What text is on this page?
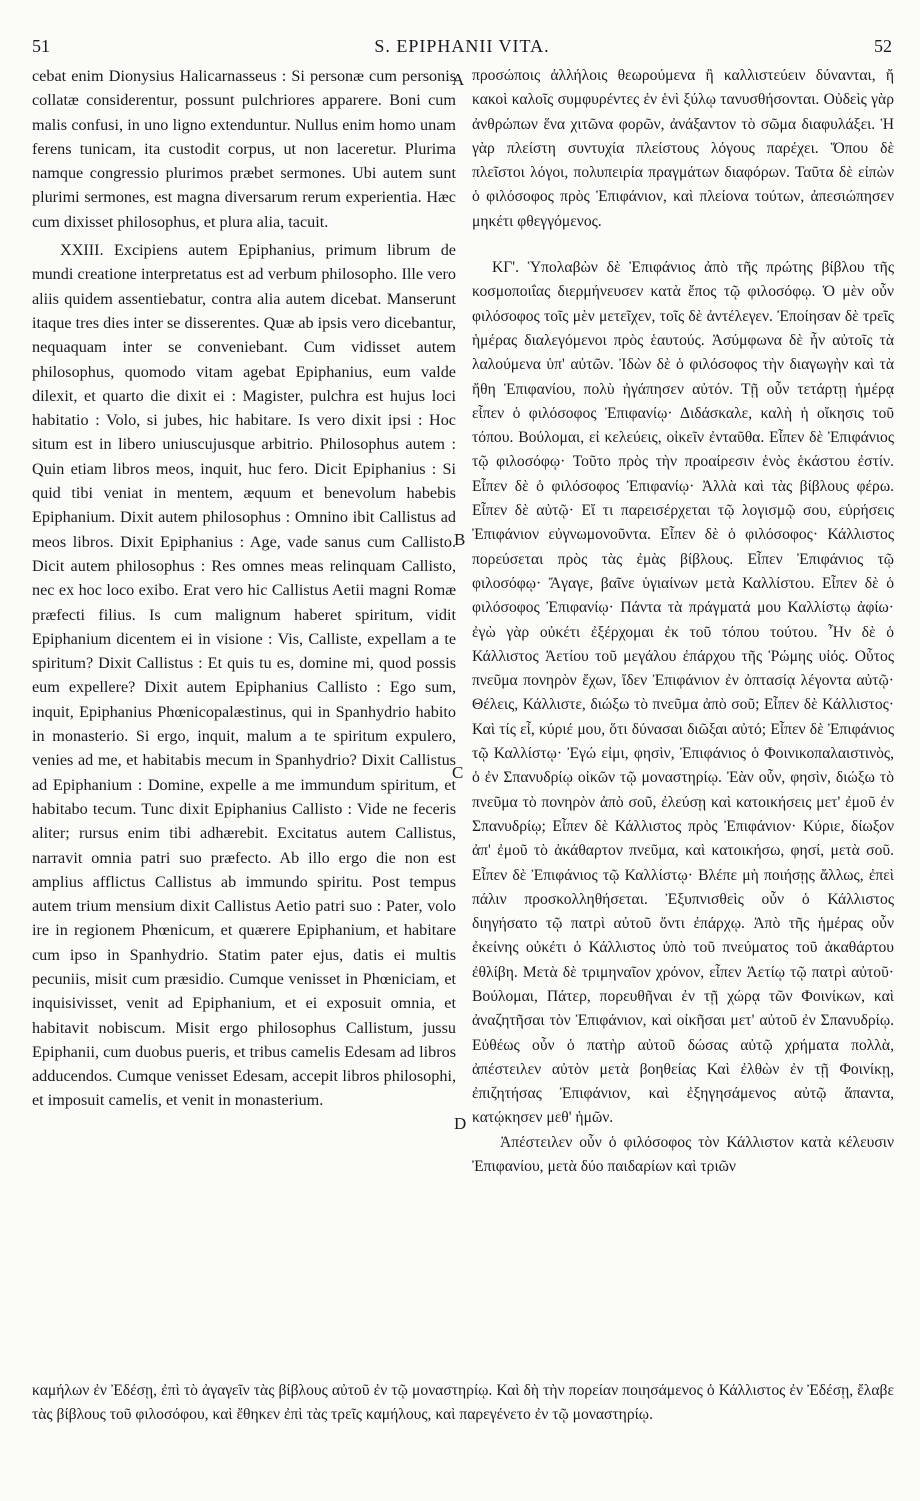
51	S. EPIPHANII VITA.	52

cebat enim Dionysius Halicarnasseus : Si personæ cum personis collatæ considerentur, possunt pulchriores apparere. Boni cum malis confusi, in uno ligno extenduntur. Nullus enim homo unam ferens tunicam, ita custodit corpus, ut non laceretur. Plurima namque congressio plurimos præbet sermones. Ubi autem sunt plurimi sermones, est magna diversarum rerum experientia. Hæc cum dixisset philosophus, et plura alia, tacuit.

XXIII. Excipiens autem Epiphanius, primum librum de mundi creatione interpretatus est ad verbum philosopho. Ille vero aliis quidem assentiebatur, contra alia autem dicebat. Manserunt itaque tres dies inter se disserentes. Quæ ab ipsis vero dicebantur, nequaquam inter se conveniebant. Cum vidisset autem philosophus, quomodo vitam agebat Epiphanius, eum valde dilexit, et quarto die dixit ei : Magister, pulchra est hujus loci habitatio : Volo, si jubes, hic habitare. Is vero dixit ipsi : Hoc situm est in libero uniuscujusque arbitrio. Philosophus autem : Quin etiam libros meos, inquit, huc fero. Dicit Epiphanius : Si quid tibi veniat in mentem, æquum et benevolum habebis Epiphanium. Dixit autem philosophus : Omnino ibit Callistus ad meos libros. Dixit Epiphanius : Age, vade sanus cum Callisto. Dicit autem philosophus : Res omnes meas relinquam Callisto, nec ex hoc loco exibo. Erat vero hic Callistus Aetii magni Romæ præfecti filius. Is cum malignum haberet spiritum, vidit Epiphanium dicentem ei in visione : Vis, Calliste, expellam a te spiritum? Dixit Callistus : Et quis tu es, domine mi, quod possis eum expellere? Dixit autem Epiphanius Callisto : Ego sum, inquit, Epiphanius Phœnicopalæstinus, qui in Spanhydrio habito in monasterio. Si ergo, inquit, malum a te spiritum expulero, venies ad me, et habitabis mecum in Spanhydrio? Dixit Callistus ad Epiphanium : Domine, expelle a me immundum spiritum, et habitabo tecum. Tunc dixit Epiphanius Callisto : Vide ne feceris aliter; rursus enim tibi adhærebit. Excitatus autem Callistus, narravit omnia patri suo præfecto. Ab illo ergo die non est amplius afflictus Callistus ab immundo spiritu. Post tempus autem trium mensium dixit Callistus Aetio patri suo : Pater, volo ire in regionem Phœnicum, et quærere Epiphanium, et habitare cum ipso in Spanhydrio. Statim pater ejus, datis ei multis pecuniis, misit cum præsidio. Cumque venisset in Phœniciam, et inquisivisset, venit ad Epiphanium, et ei exposuit omnia, et habitavit nobiscum. Misit ergo philosophus Callistum, jussu Epiphanii, cum duobus pueris, et tribus camelis Edesam ad libros adducendos. Cumque venisset Edesam, accepit libros philosophi, et imposuit camelis, et venit in monasterium.

A
B
C
D

προσώποις ἀλλήλοις θεωρούμενα ἢ καλλιστεύειν δύνανται, ἤ κακοὶ καλοῖς συμφυρέντες ἐν ἑνὶ ξύλῳ τανυσθήσονται. Οὐδεὶς γὰρ ἀνθρώπων ἕνα χιτῶνα φορῶν, ἀνάξαντον τὸ σῶμα διαφυλάξει. Ἡ γὰρ πλείστη συντυχία πλείστους λόγους παρέχει. Ὅπου δὲ πλεῖστοι λόγοι, πολυπειρία πραγμάτων διαφόρων. Ταῦτα δὲ εἰπὼν ὁ φιλόσοφος πρὸς Ἐπιφάνιον, καὶ πλείονα τούτων, ἀπεσιώπησεν μηκέτι φθεγγόμενος.

ΚΓ'. Ὑπολαβὼν δὲ Ἐπιφάνιος ἀπὸ τῆς πρώτης βίβλου τῆς κοσμοποιΐας διερμήνευσεν κατὰ ἔπος τῷ φιλοσόφῳ. Ὁ μὲν οὖν φιλόσοφος τοῖς μὲν μετεῖχεν, τοῖς δὲ ἀντέλεγεν. Ἐποίησαν δὲ τρεῖς ἡμέρας διαλεγόμενοι πρὸς ἑαυτούς. Ἀσύμφωνα δὲ ἦν αὐτοῖς τὰ λαλούμενα ὑπ' αὐτῶν. Ἰδὼν δὲ ὁ φιλόσοφος τὴν διαγωγὴν καὶ τὰ ἤθη Ἐπιφανίου, πολὺ ἠγάπησεν αὐτόν. Τῇ οὖν τετάρτῃ ἡμέρᾳ εἶπεν ὁ φιλόσοφος Ἐπιφανίῳ· Διδάσκαλε, καλὴ ἡ οἴκησις τοῦ τόπου. Βούλομαι, εἰ κελεύεις, οἰκεῖν ἐνταῦθα. Εἶπεν δὲ Ἐπιφάνιος τῷ φιλοσόφῳ· Τοῦτο πρὸς τὴν προαίρεσιν ἑνὸς ἑκάστου ἐστίν. Εἶπεν δὲ ὁ φιλόσοφος Ἐπιφανίῳ· Ἀλλὰ καὶ τὰς βίβλους φέρω. Εἶπεν δὲ αὐτῷ· Εἴ τι παρεισέρχεται τῷ λογισμῷ σου, εὑρήσεις Ἐπιφάνιον εὐγνωμονοῦντα. Εἶπεν δὲ ὁ φιλόσοφος· Κάλλιστος πορεύσεται πρὸς τὰς ἐμὰς βίβλους. Εἶπεν Ἐπιφάνιος τῷ φιλοσόφῳ· Ἄγαγε, βαῖνε ὑγιαίνων μετὰ Καλλίστου. Εἶπεν δὲ ὁ φιλόσοφος Ἐπιφανίῳ· Πάντα τὰ πράγματά μου Καλλίστῳ ἀφίω· ἐγὼ γὰρ οὐκέτι ἐξέρχομαι ἐκ τοῦ τόπου τούτου. Ἦν δὲ ὁ Κάλλιστος Ἀετίου τοῦ μεγάλου ἐπάρχου τῆς Ῥώμης υἱός. Οὗτος πνεῦμα πονηρὸν ἔχων, ἴδεν Ἐπιφάνιον ἐν ὀπτασίᾳ λέγοντα αὐτῷ· Θέλεις, Κάλλιστε, διώξω τὸ πνεῦμα ἀπὸ σοῦ; Εἶπεν δὲ Κάλλιστος· Καὶ τίς εἶ, κύριέ μου, ὅτι δύνασαι διῶξαι αὐτό; Εἶπεν δὲ Ἐπιφάνιος τῷ Καλλίστῳ· Ἐγώ εἰμι, φησὶν, Ἐπιφάνιος ὁ Φοινικοπαλαιστινὸς, ὁ ἐν Σπανυδρίῳ οἰκῶν τῷ μοναστηρίῳ. Ἐὰν οὖν, φησὶν, διώξω τὸ πνεῦμα τὸ πονηρὸν ἀπὸ σοῦ, ἐλεύσῃ καὶ κατοικήσεις μετ' ἐμοῦ ἐν Σπανυδρίῳ; Εἶπεν δὲ Κάλλιστος πρὸς Ἐπιφάνιον· Κύριε, δίωξον ἀπ' ἐμοῦ τὸ ἀκάθαρτον πνεῦμα, καὶ κατοικήσω, φησί, μετὰ σοῦ. Εἶπεν δὲ Ἐπιφάνιος τῷ Καλλίστῳ· Βλέπε μὴ ποιήσῃς ἄλλως, ἐπεὶ πάλιν προσκολληθήσεται. Ἐξυπνισθεὶς οὖν ὁ Κάλλιστος διηγήσατο τῷ πατρὶ αὐτοῦ ὄντι ἐπάρχῳ. Ἀπὸ τῆς ἡμέρας οὖν ἐκείνης οὐκέτι ὁ Κάλλιστος ὑπὸ τοῦ πνεύματος τοῦ ἀκαθάρτου ἐθλίβη. Μετὰ δὲ τριμηναῖον χρόνον, εἶπεν Ἀετίῳ τῷ πατρὶ αὐτοῦ· Βούλομαι, Πάτερ, πορευθῆναι ἐν τῇ χώρᾳ τῶν Φοινίκων, καὶ ἀναζητῆσαι τὸν Ἐπιφάνιον, καὶ οἰκῆσαι μετ' αὐτοῦ ἐν Σπανυδρίῳ. Εὐθέως οὖν ὁ πατὴρ αὐτοῦ δώσας αὐτῷ χρήματα πολλὰ, ἀπέστειλεν αὐτὸν μετὰ βοηθείας Καὶ ἐλθὼν ἐν τῇ Φοινίκῃ, ἐπιζητήσας Ἐπιφάνιον, καὶ ἐξηγησάμενος αὐτῷ ἅπαντα, κατῴκησεν μεθ' ἡμῶν.

Ἀπέστειλεν οὖν ὁ φιλόσοφος τὸν Κάλλιστον κατὰ κέλευσιν Ἐπιφανίου, μετὰ δύο παιδαρίων καὶ τριῶν

καμήλων ἐν Ἐδέσῃ, ἐπὶ τὸ ἀγαγεῖν τὰς βίβλους αὐτοῦ ἐν τῷ μοναστηρίῳ. Καὶ δὴ τὴν πορείαν ποιησάμενος ὁ Κάλλιστος ἐν Ἐδέσῃ, ἔλαβε τὰς βίβλους τοῦ φιλοσόφου, καὶ ἔθηκεν ἐπὶ τὰς τρεῖς καμήλους, καὶ παρεγένετο ἐν τῷ μοναστηρίῳ.
